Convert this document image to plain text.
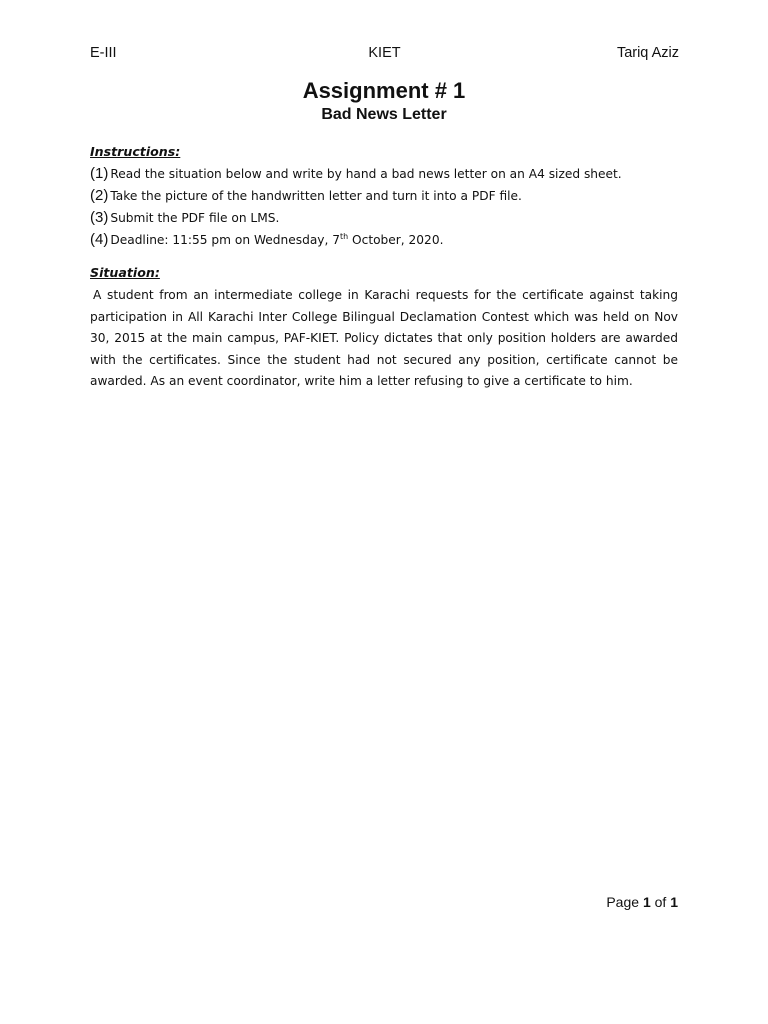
E-III	KIET	Tariq Aziz
Assignment # 1
Bad News Letter
Instructions:
(1) Read the situation below and write by hand a bad news letter on an A4 sized sheet.
(2) Take the picture of the handwritten letter and turn it into a PDF file.
(3) Submit the PDF file on LMS.
(4) Deadline: 11:55 pm on Wednesday, 7th October, 2020.
Situation:

A student from an intermediate college in Karachi requests for the certificate against taking participation in All Karachi Inter College Bilingual Declamation Contest which was held on Nov 30, 2015 at the main campus, PAF-KIET. Policy dictates that only position holders are awarded with the certificates. Since the student had not secured any position, certificate cannot be awarded. As an event coordinator, write him a letter refusing to give a certificate to him.

Page 1 of 1
